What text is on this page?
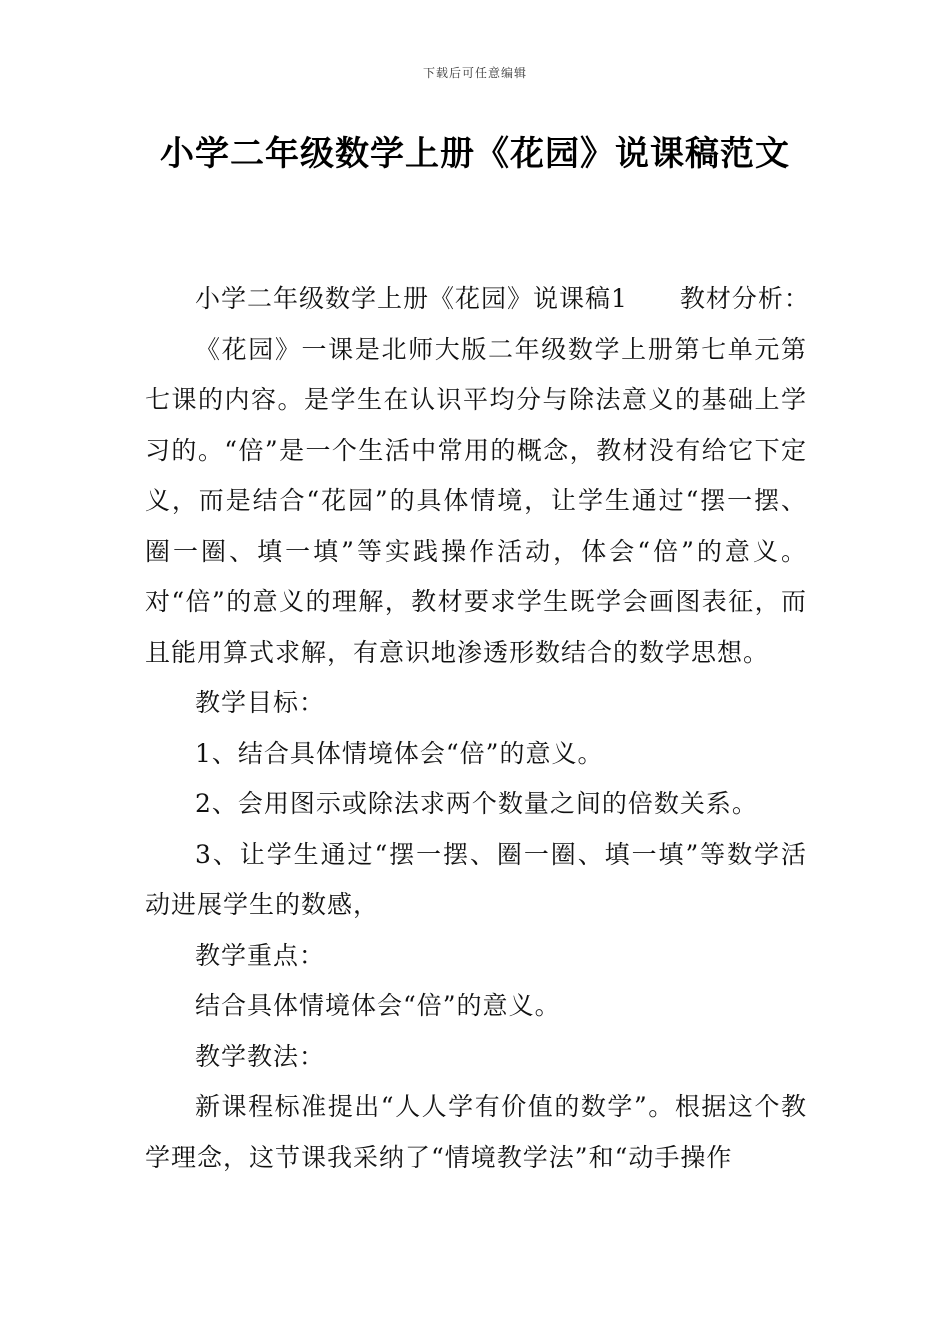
下载后可任意编辑
小学二年级数学上册《花园》说课稿范文

小学二年级数学上册《花园》说课稿1 教材分析：

《花园》一课是北师大版二年级数学上册第七单元第七课的内容。是学生在认识平均分与除法意义的基础上学习的。“倍”是一个生活中常用的概念，教材没有给它下定义，而是结合“花园”的具体情境，让学生通过“摆一摆、圈一圈、填一填”等实践操作活动，体会“倍”的意义。对“倍”的意义的理解，教材要求学生既学会画图表征，而且能用算式求解，有意识地渗透形数结合的数学思想。

教学目标：

1、结合具体情境体会“倍”的意义。

2、会用图示或除法求两个数量之间的倍数关系。

3、让学生通过“摆一摆、圈一圈、填一填”等数学活动进展学生的数感，

教学重点：

结合具体情境体会“倍”的意义。

教学教法：

新课程标准提出“人人学有价值的数学”。根据这个教学理念，这节课我采纳了“情境教学法”和“动手操作
